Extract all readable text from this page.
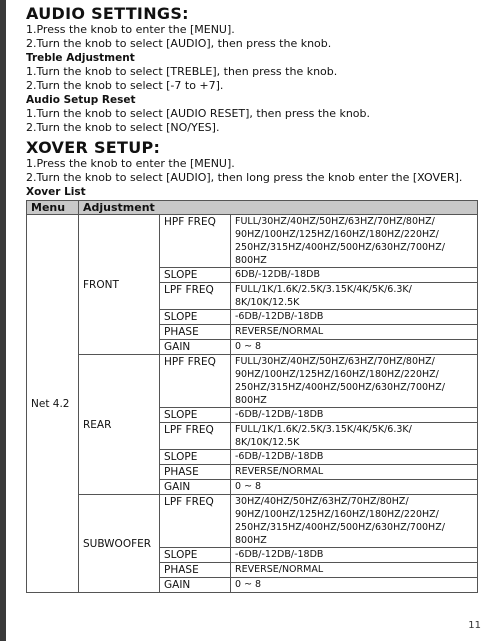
AUDIO SETTINGS:
1.Press the knob to enter the [MENU].
2.Turn the knob to select [AUDIO], then press the knob.
Treble Adjustment
1.Turn the knob to select [TREBLE], then press the knob.
2.Turn the knob to select [-7 to +7].
Audio Setup Reset
1.Turn the knob to select [AUDIO RESET], then press the knob.
2.Turn the knob to select [NO/YES].
XOVER SETUP:
1.Press the knob to enter the [MENU].
2.Turn the knob to select [AUDIO], then long press the knob enter the [XOVER].
Xover List
Menu	Adjustment		
Net 4.2	FRONT	HPF FREQ	FULL/30HZ/40HZ/50HZ/63HZ/70HZ/80HZ/
90HZ/100HZ/125HZ/160HZ/180HZ/220HZ/
250HZ/315HZ/400HZ/500HZ/630HZ/700HZ/
800HZ
		SLOPE	6DB/-12DB/-18DB
		LPF FREQ	FULL/1K/1.6K/2.5K/3.15K/4K/5K/6.3K/
8K/10K/12.5K
		SLOPE	-6DB/-12DB/-18DB
		PHASE	REVERSE/NORMAL
		GAIN	0 ~ 8
	REAR	HPF FREQ	FULL/30HZ/40HZ/50HZ/63HZ/70HZ/80HZ/
90HZ/100HZ/125HZ/160HZ/180HZ/220HZ/
250HZ/315HZ/400HZ/500HZ/630HZ/700HZ/
800HZ
		SLOPE	-6DB/-12DB/-18DB
		LPF FREQ	FULL/1K/1.6K/2.5K/3.15K/4K/5K/6.3K/
8K/10K/12.5K
		SLOPE	-6DB/-12DB/-18DB
		PHASE	REVERSE/NORMAL
		GAIN	0 ~ 8
	SUBWOOFER	LPF FREQ	30HZ/40HZ/50HZ/63HZ/70HZ/80HZ/
90HZ/100HZ/125HZ/160HZ/180HZ/220HZ/
250HZ/315HZ/400HZ/500HZ/630HZ/700HZ/
800HZ
		SLOPE	-6DB/-12DB/-18DB
		PHASE	REVERSE/NORMAL
		GAIN	0 ~ 8
11
